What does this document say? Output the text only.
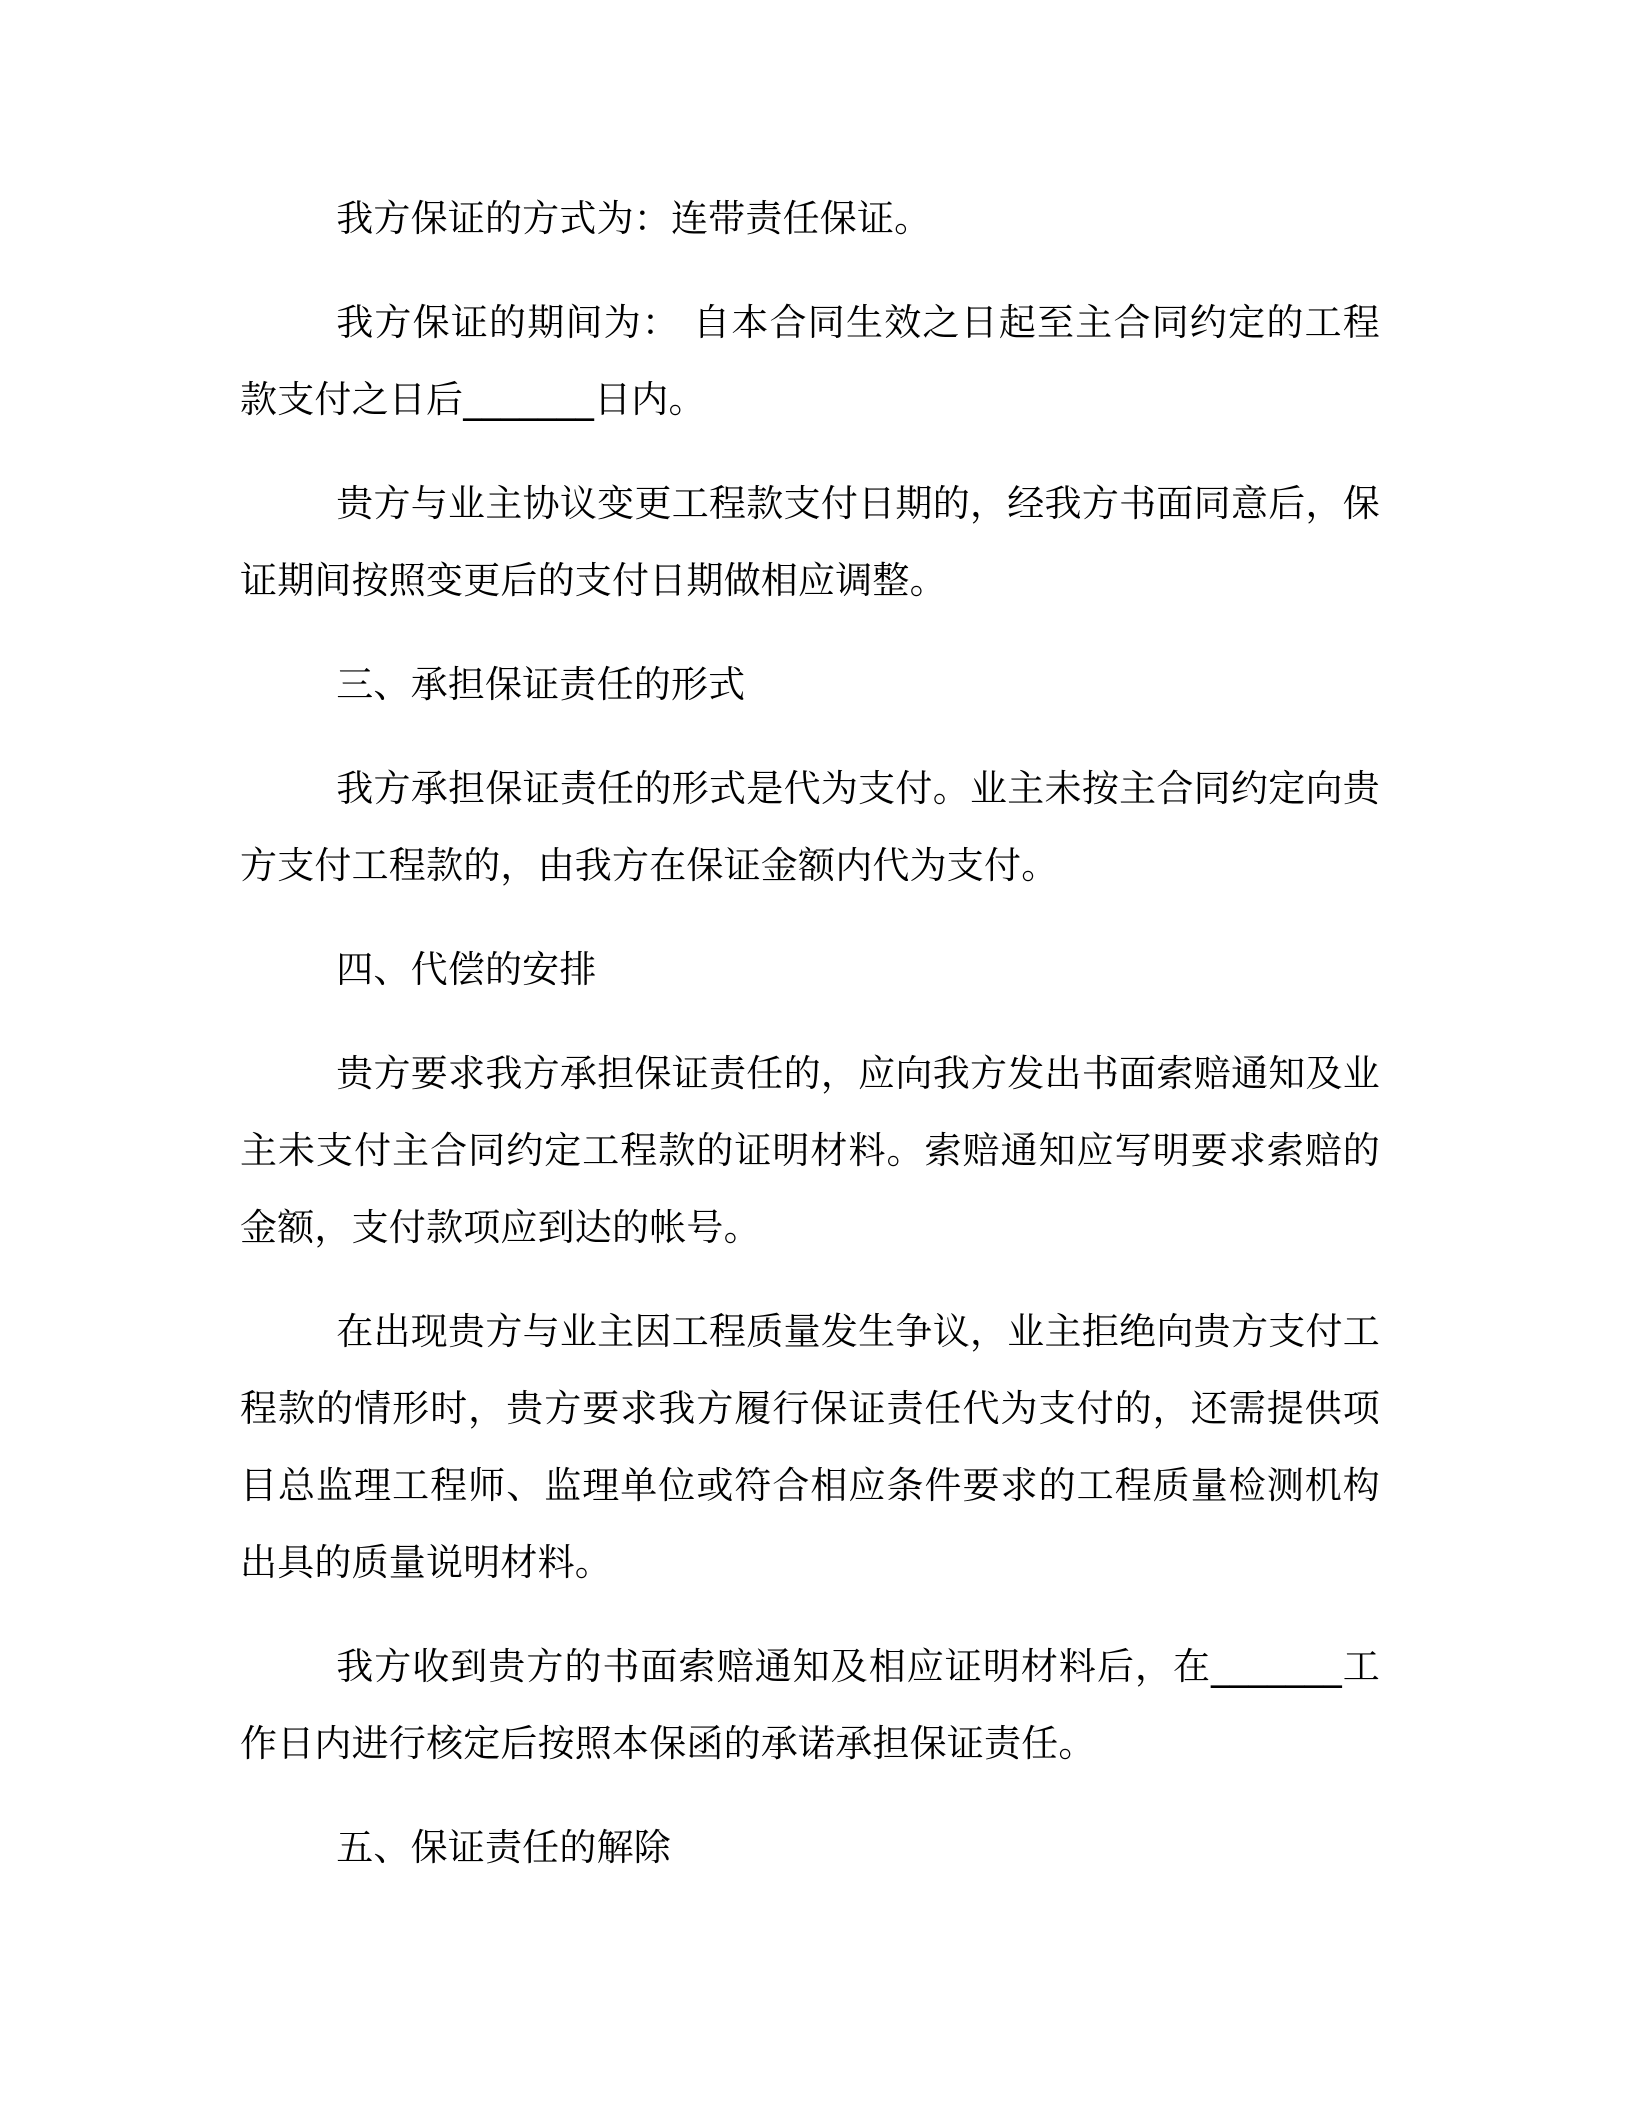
我方保证的方式为：连带责任保证。

我方保证的期间为： 自本合同生效之日起至主合同约定的工程款支付之日后_______日内。

贵方与业主协议变更工程款支付日期的，经我方书面同意后，保证期间按照变更后的支付日期做相应调整。

三、承担保证责任的形式

我方承担保证责任的形式是代为支付。业主未按主合同约定向贵方支付工程款的，由我方在保证金额内代为支付。

四、代偿的安排

贵方要求我方承担保证责任的，应向我方发出书面索赔通知及业主未支付主合同约定工程款的证明材料。索赔通知应写明要求索赔的金额，支付款项应到达的帐号。

在出现贵方与业主因工程质量发生争议，业主拒绝向贵方支付工程款的情形时，贵方要求我方履行保证责任代为支付的，还需提供项目总监理工程师、监理单位或符合相应条件要求的工程质量检测机构出具的质量说明材料。

我方收到贵方的书面索赔通知及相应证明材料后，在_______工作日内进行核定后按照本保函的承诺承担保证责任。

五、保证责任的解除
